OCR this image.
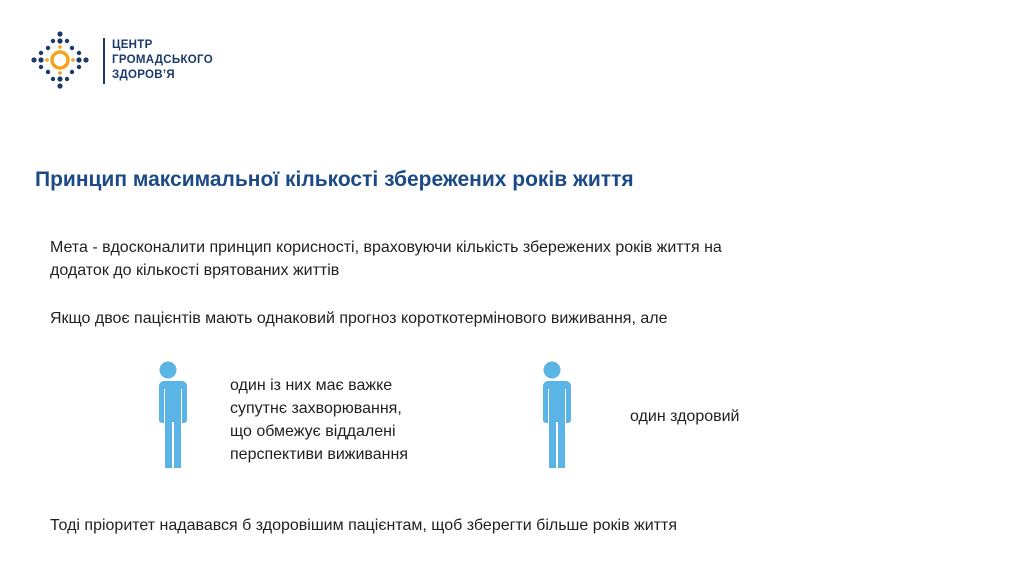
ЦЕНТР
ГРОМАДСЬКОГО
ЗДОРОВ’Я
Принцип максимальної кількості збережених років життя
Мета - вдосконалити принцип корисності, враховуючи кількість збережених років життя на
додаток до кількості врятованих життів
Якщо двоє пацієнтів мають однаковий прогноз короткотермінового виживання, але
один із них має важке
супутнє захворювання,
що обмежує віддалені
перспективи виживання
один здоровий
Тоді пріоритет надавався б здоровішим пацієнтам, щоб зберегти більше років життя
